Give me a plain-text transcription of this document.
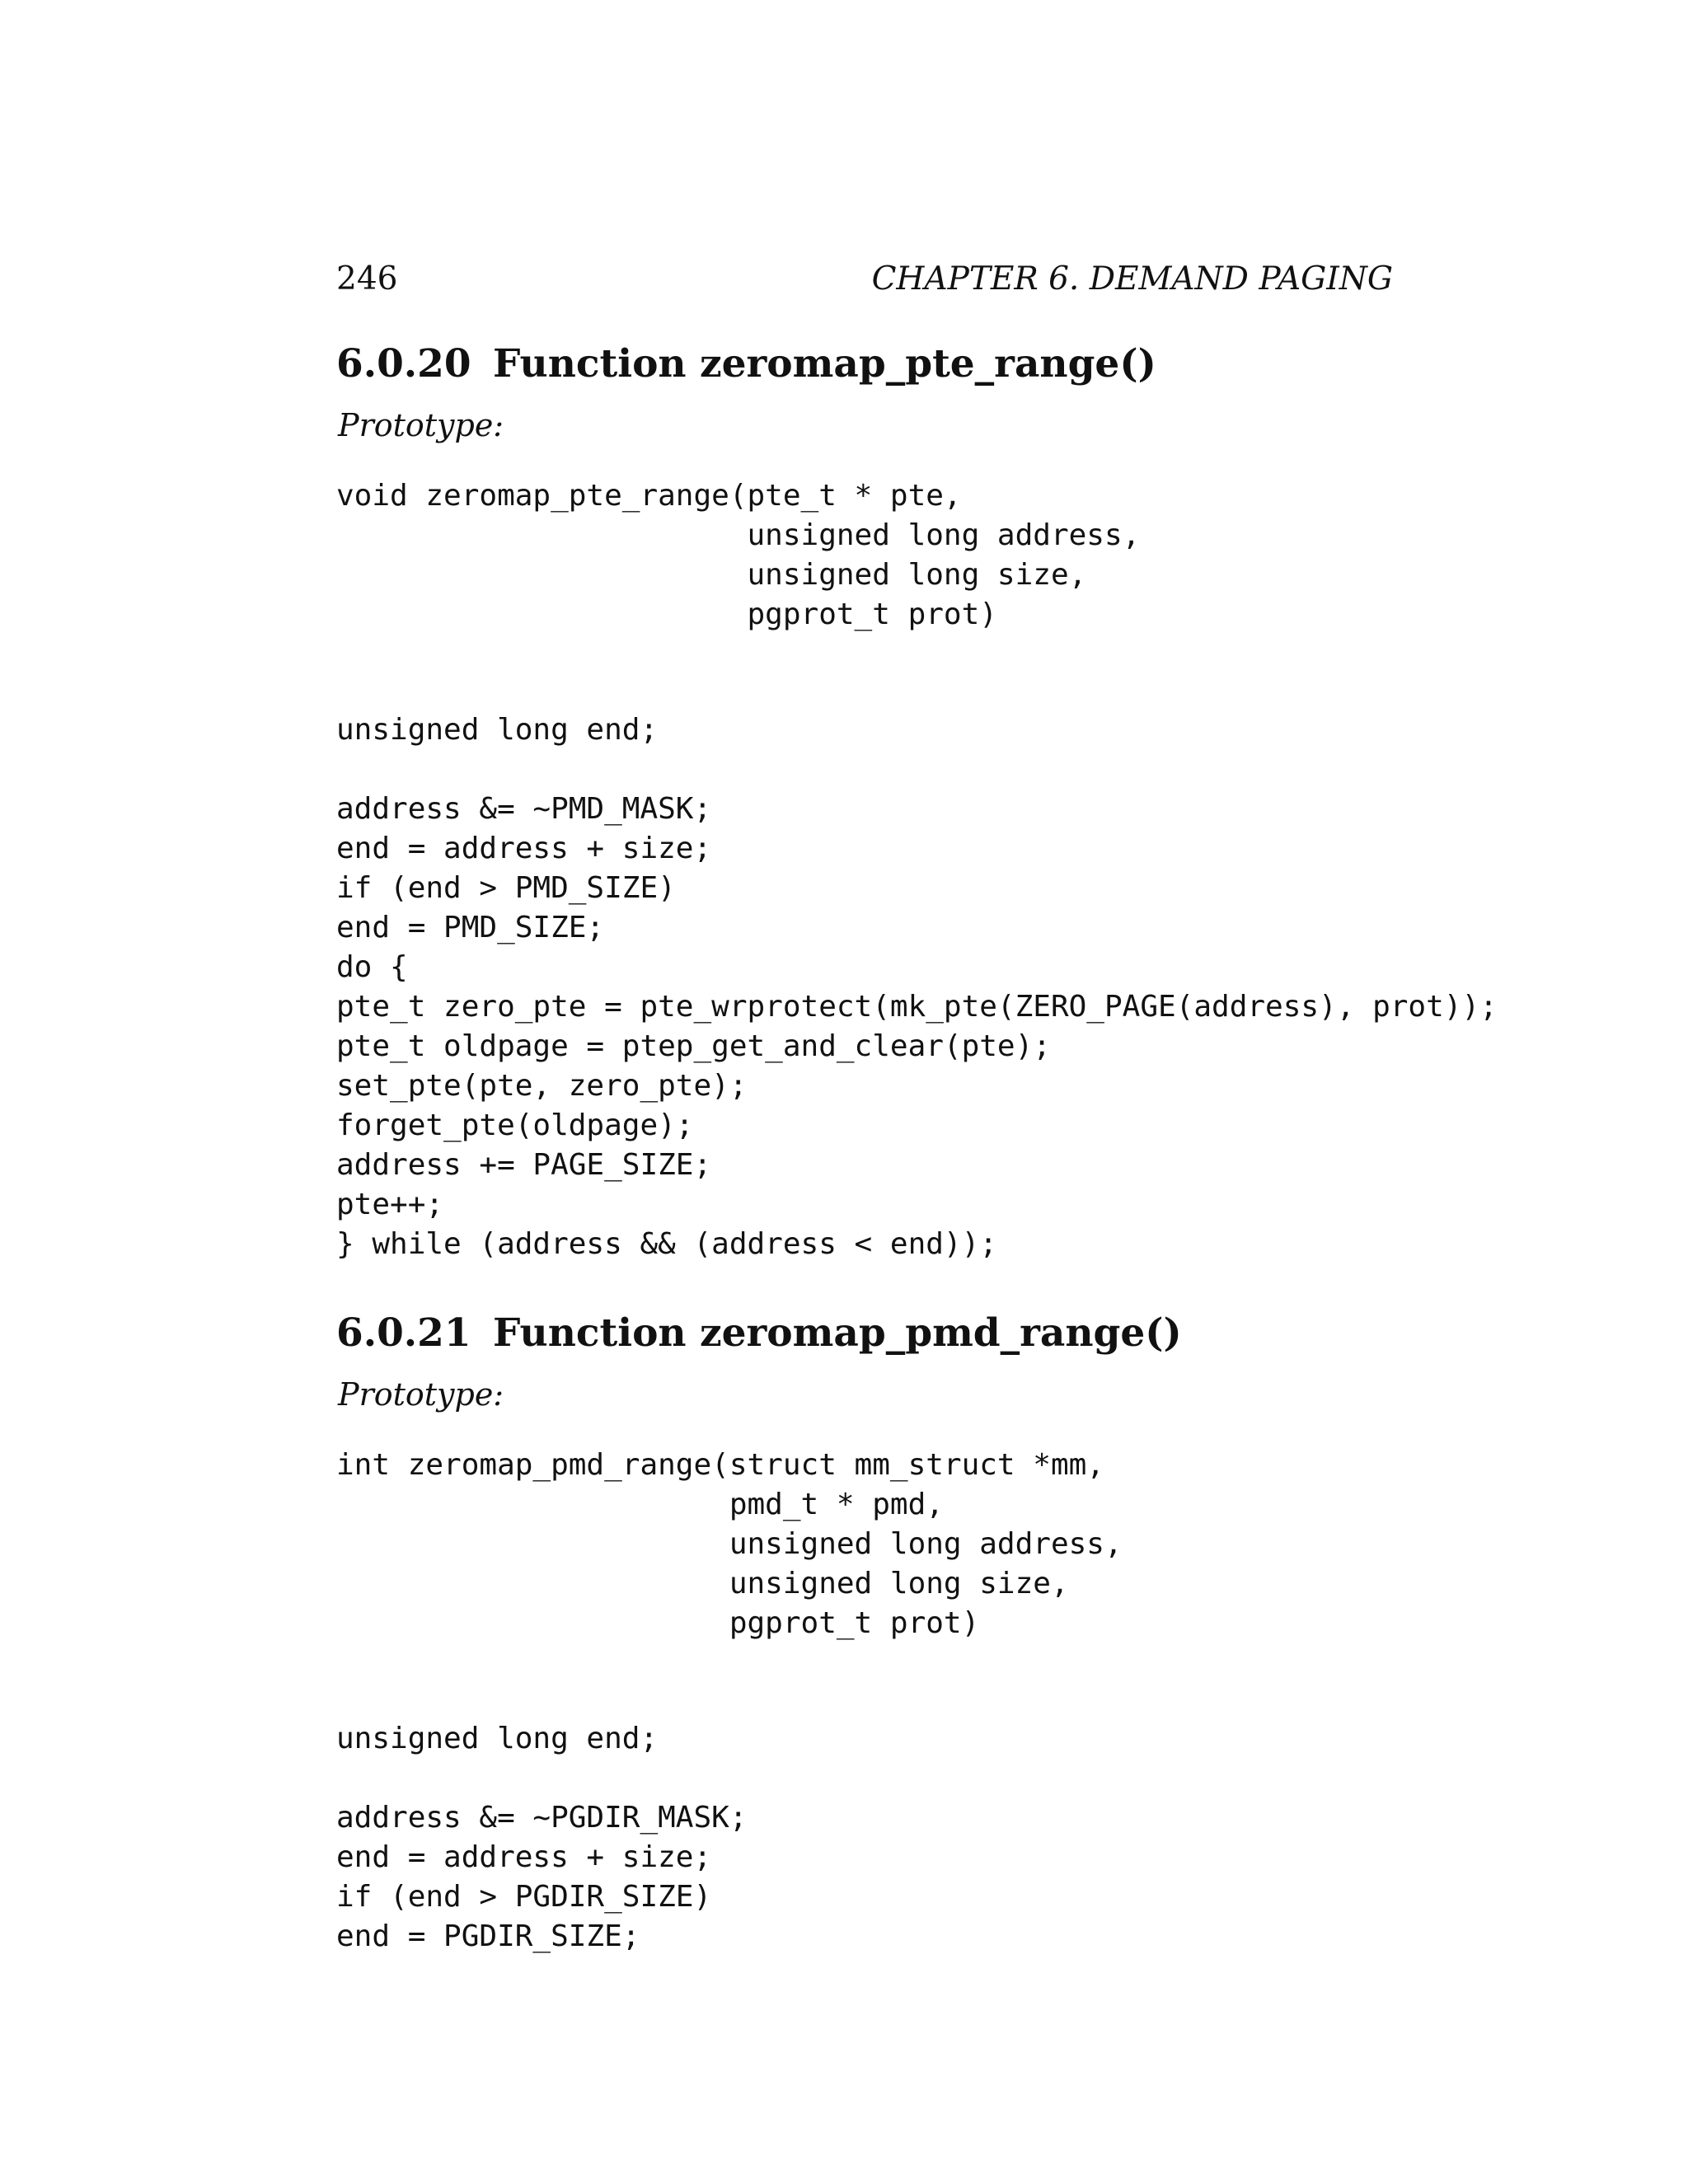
246	CHAPTER 6. DEMAND PAGING
6.0.20 Function zeromap_pte_range()
Prototype:
void zeromap_pte_range(pte_t * pte,
unsigned long address,
unsigned long size,
pgprot_t prot)
unsigned long end;
address &= ~PMD_MASK;
end = address + size;
if (end > PMD_SIZE)
end = PMD_SIZE;
do {
pte_t zero_pte = pte_wrprotect(mk_pte(ZERO_PAGE(address), prot));
pte_t oldpage = ptep_get_and_clear(pte);
set_pte(pte, zero_pte);
forget_pte(oldpage);
address += PAGE_SIZE;
pte++;
} while (address && (address < end));
6.0.21 Function zeromap_pmd_range()
Prototype:
int zeromap_pmd_range(struct mm_struct *mm,
pmd_t * pmd,
unsigned long address,
unsigned long size,
pgprot_t prot)
unsigned long end;
address &= ~PGDIR_MASK;
end = address + size;
if (end > PGDIR_SIZE)
end = PGDIR_SIZE;
